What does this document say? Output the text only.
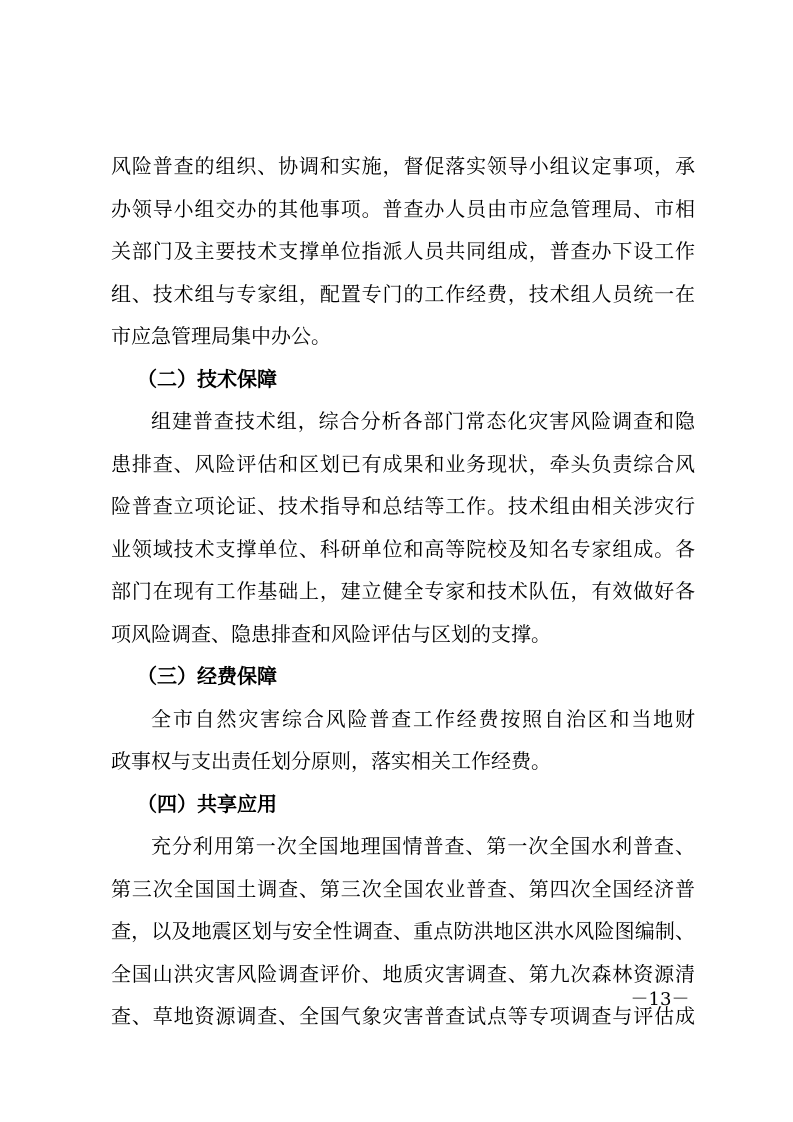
风险普查的组织、协调和实施，督促落实领导小组议定事项，承
办领导小组交办的其他事项。普查办人员由市应急管理局、市相
关部门及主要技术支撑单位指派人员共同组成，普查办下设工作
组、技术组与专家组，配置专门的工作经费，技术组人员统一在
市应急管理局集中办公。
（二）技术保障
组建普查技术组，综合分析各部门常态化灾害风险调查和隐
患排查、风险评估和区划已有成果和业务现状，牵头负责综合风
险普查立项论证、技术指导和总结等工作。技术组由相关涉灾行
业领域技术支撑单位、科研单位和高等院校及知名专家组成。各
部门在现有工作基础上，建立健全专家和技术队伍，有效做好各
项风险调查、隐患排查和风险评估与区划的支撑。
（三）经费保障
全市自然灾害综合风险普查工作经费按照自治区和当地财
政事权与支出责任划分原则，落实相关工作经费。
（四）共享应用
充分利用第一次全国地理国情普查、第一次全国水利普查、
第三次全国国土调查、第三次全国农业普查、第四次全国经济普
查，以及地震区划与安全性调查、重点防洪地区洪水风险图编制、
全国山洪灾害风险调查评价、地质灾害调查、第九次森林资源清
查、草地资源调查、全国气象灾害普查试点等专项调查与评估成
－13－
